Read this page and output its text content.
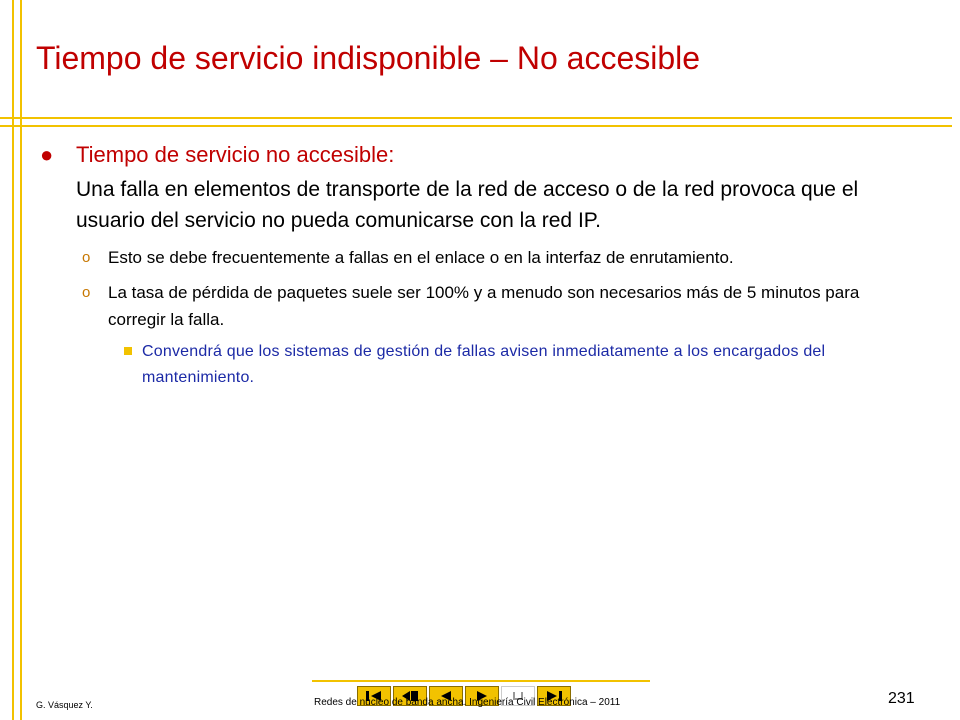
Tiempo de servicio indisponible – No accesible
● Tiempo de servicio no accesible:
Una falla en elementos de transporte de la red de acceso o de la red provoca que el usuario del servicio no pueda comunicarse con la red IP.
o Esto se debe frecuentemente a fallas en el enlace o en la interfaz de enrutamiento.
o La tasa de pérdida de paquetes suele ser 100% y a menudo son necesarios más de 5 minutos para corregir la falla.
Convendrá que los sistemas de gestión de fallas avisen inmediatamente a los encargados del mantenimiento.
G. Vásquez Y.	Redes de núcleo de banda ancha. Ingeniería Civil Electrónica – 2011	231
